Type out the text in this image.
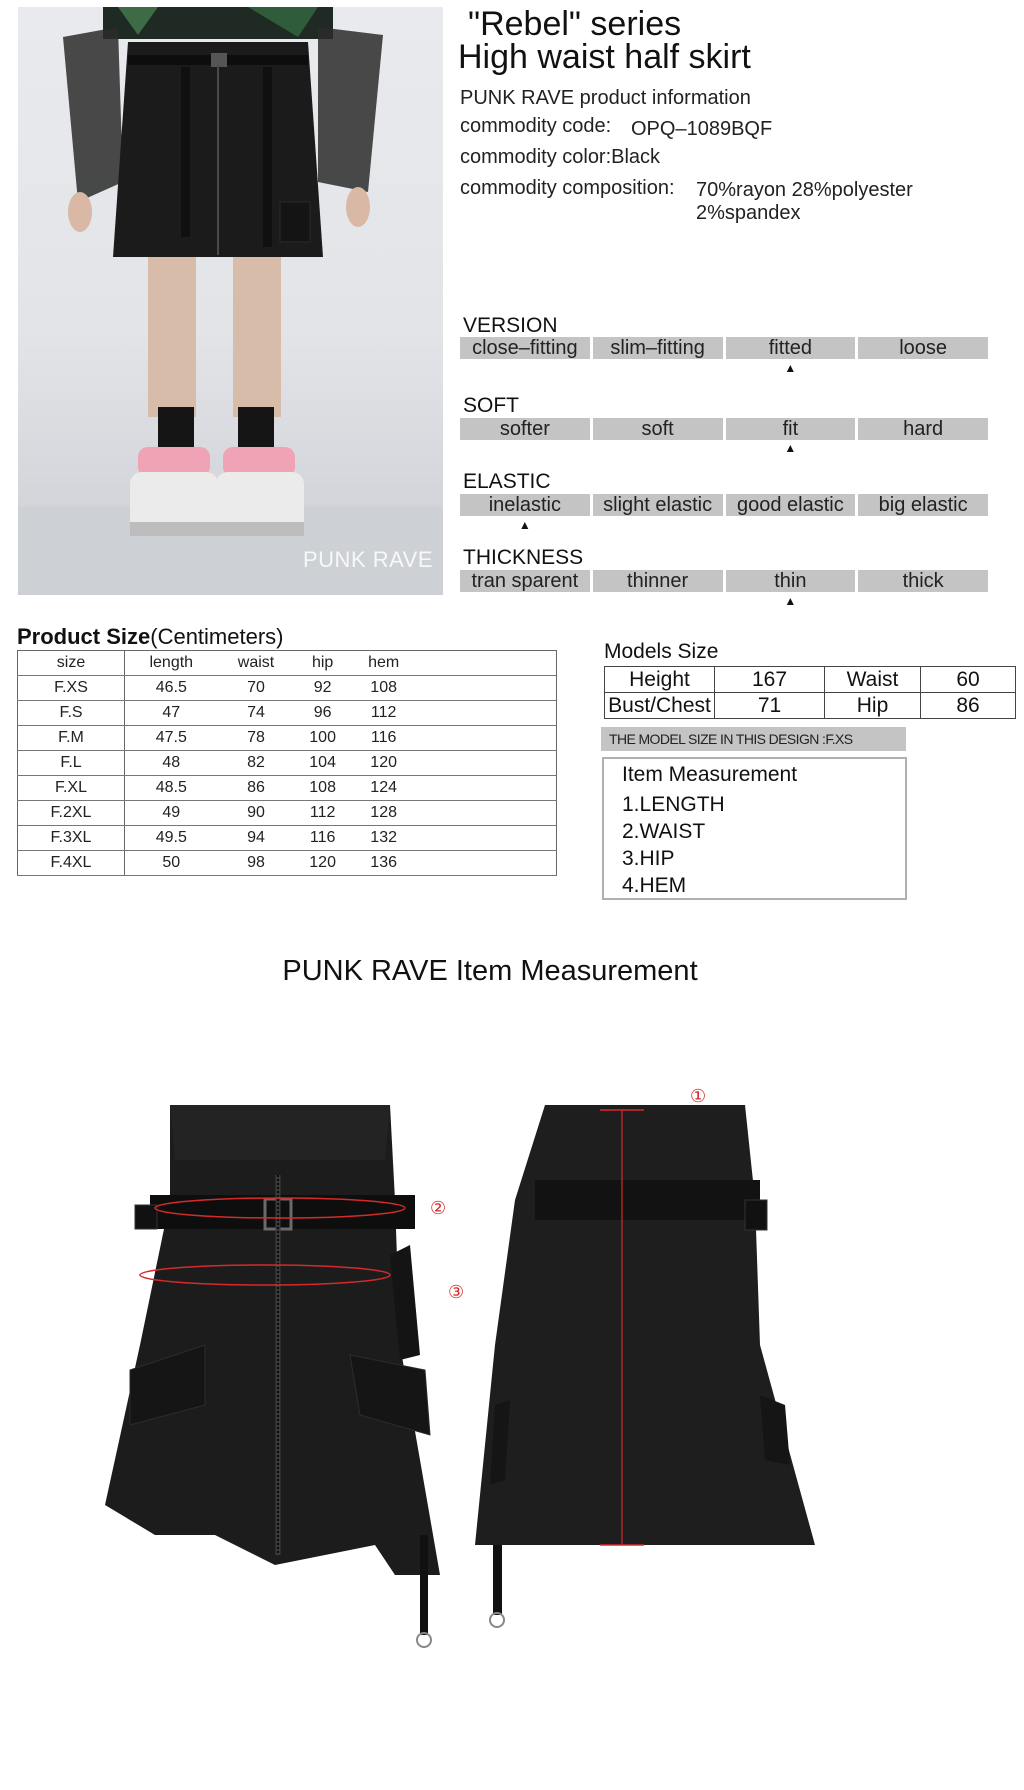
PUNK RAVE
"Rebel" series
High waist half skirt
PUNK RAVE product information
commodity code: OPQ–1089BQF
commodity color:Black
commodity composition: 70%rayon 28%polyester
2%spandex
VERSION
close–fitting	slim–fitting	fitted	loose
▲
SOFT
softer	soft	fit	hard
▲
ELASTIC
inelastic	slight elastic	good elastic	big elastic
▲
THICKNESS
tran sparent	thinner	thin	thick
▲
Product Size(Centimeters)
size	length	waist	hip	hem	
F.XS	46.5	70	92	108	
F.S	47	74	96	112	
F.M	47.5	78	100	116	
F.L	48	82	104	120	
F.XL	48.5	86	108	124	
F.2XL	49	90	112	128	
F.3XL	49.5	94	116	132	
F.4XL	50	98	120	136	
Models Size
Height	167	Waist	60
Bust/Chest	71	Hip	86
THE MODEL SIZE IN THIS DESIGN :F.XS
Item Measurement
1.LENGTH
2.WAIST
3.HIP
4.HEM
PUNK RAVE Item Measurement
①
②
③
